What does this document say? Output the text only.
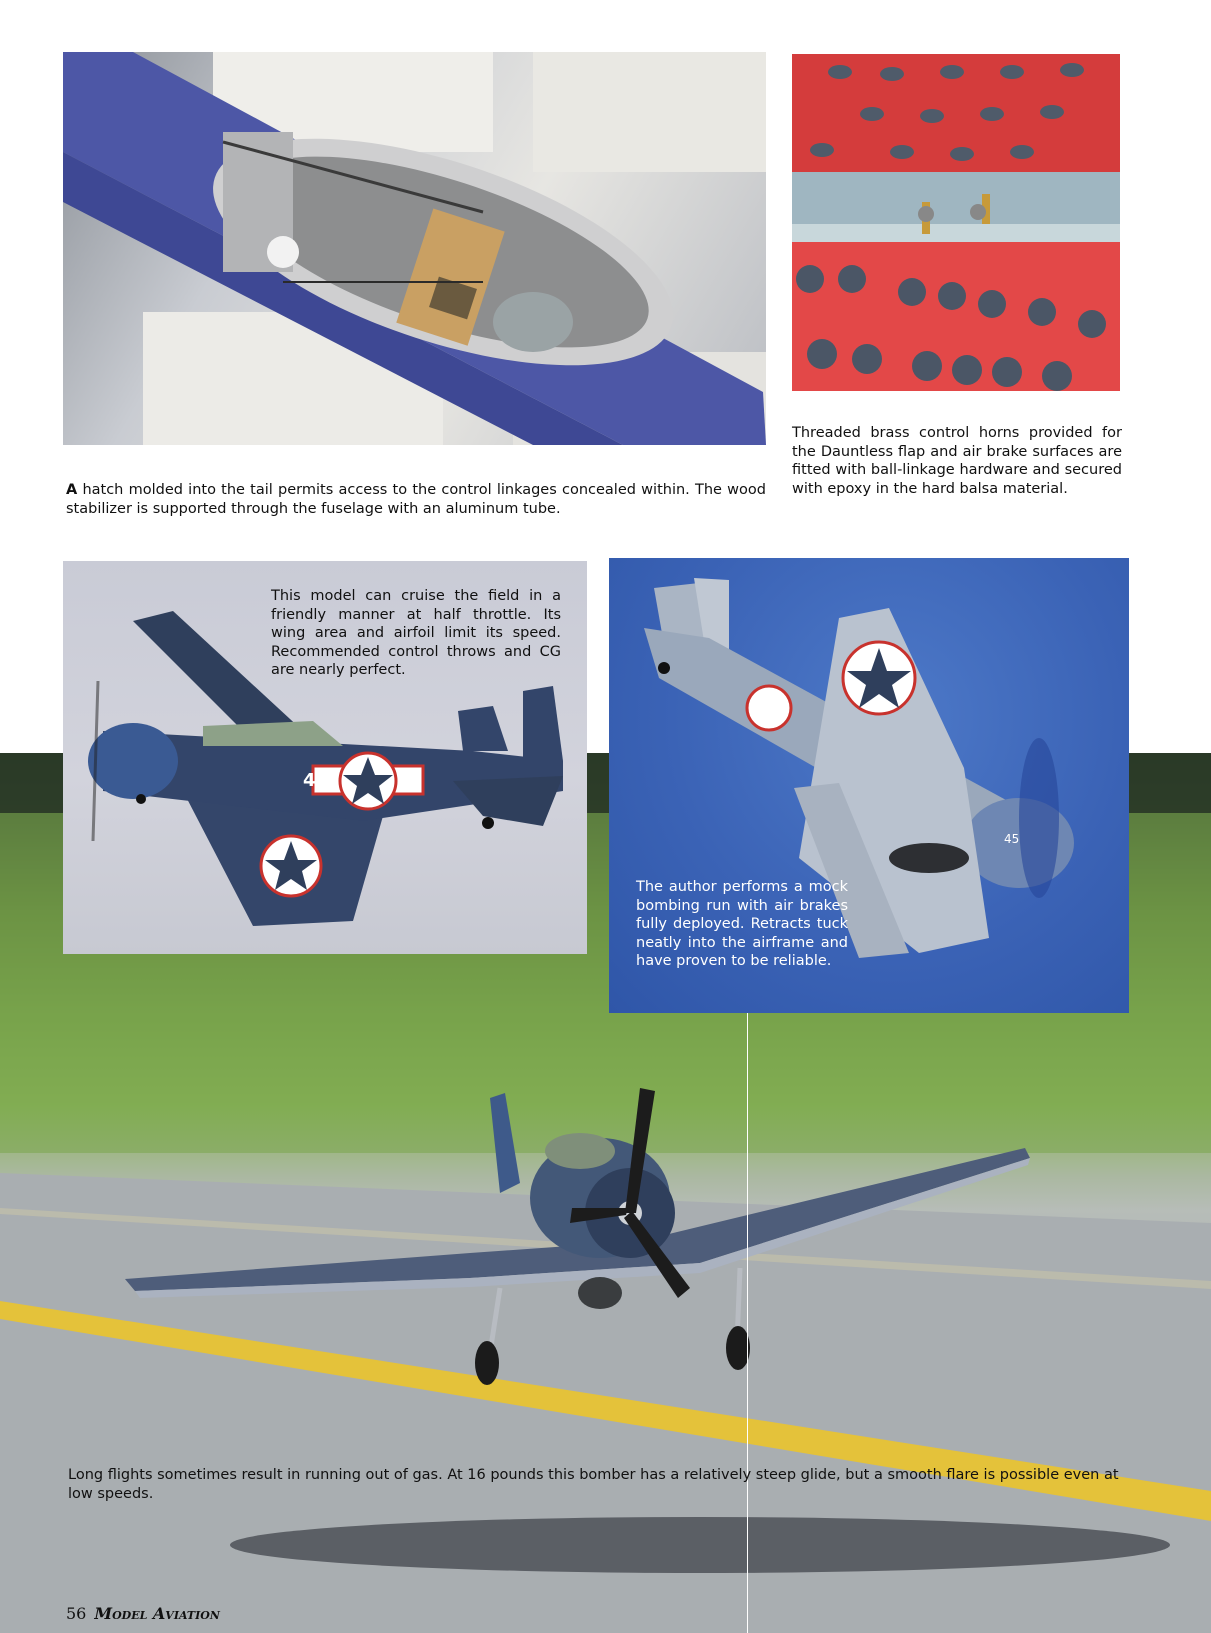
45
45

A hatch molded into the tail permits access to the control linkages concealed within. The wood stabilizer is supported through the fuselage with an aluminum tube.

Threaded brass control horns provided for the Dauntless flap and air brake surfaces are fitted with ball-linkage hardware and secured with epoxy in the hard balsa material.

This model can cruise the field in a friendly manner at half throttle. Its wing area and airfoil limit its speed. Recommended control throws and CG are nearly perfect.

The author performs a mock bombing run with air brakes fully deployed. Retracts tuck neatly into the airframe and have proven to be reliable.

Long flights sometimes result in running out of gas. At 16 pounds this bomber has a relatively steep glide, but a smooth flare is possible even at low speeds.

56 Model Aviation
